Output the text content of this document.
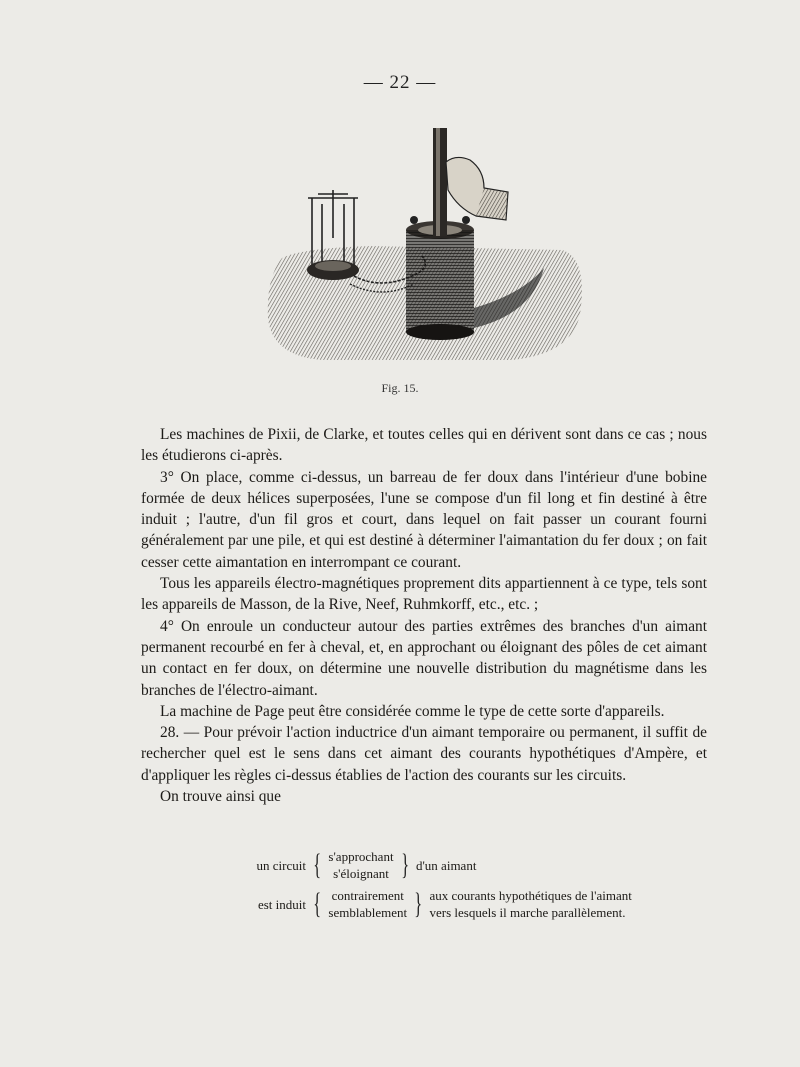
— 22 —
Fig. 15.

Les machines de Pixii, de Clarke, et toutes celles qui en dérivent sont dans ce cas ; nous les étudierons ci-après.

3° On place, comme ci-dessus, un barreau de fer doux dans l'intérieur d'une bobine formée de deux hélices superposées, l'une se compose d'un fil long et fin destiné à être induit ; l'autre, d'un fil gros et court, dans lequel on fait passer un courant fourni généralement par une pile, et qui est destiné à déterminer l'aimantation du fer doux ; on fait cesser cette aimantation en interrompant ce courant.

Tous les appareils électro-magnétiques proprement dits appartiennent à ce type, tels sont les appareils de Masson, de la Rive, Neef, Ruhmkorff, etc., etc. ;

4° On enroule un conducteur autour des parties extrêmes des branches d'un aimant permanent recourbé en fer à cheval, et, en approchant ou éloignant des pôles de cet aimant un contact en fer doux, on détermine une nouvelle distribution du magnétisme dans les branches de l'électro-aimant.

La machine de Page peut être considérée comme le type de cette sorte d'appareils.

28. — Pour prévoir l'action inductrice d'un aimant temporaire ou permanent, il suffit de rechercher quel est le sens dans cet aimant des courants hypothétiques d'Ampère, et d'appliquer les règles ci-dessus établies de l'action des courants sur les circuits.

On trouve ainsi que

un circuit { s'approchant
s'éloignant } d'un aimant
est induit { contrairement
semblablement } aux courants hypothétiques de l'aimant
vers lesquels il marche parallèlement.
